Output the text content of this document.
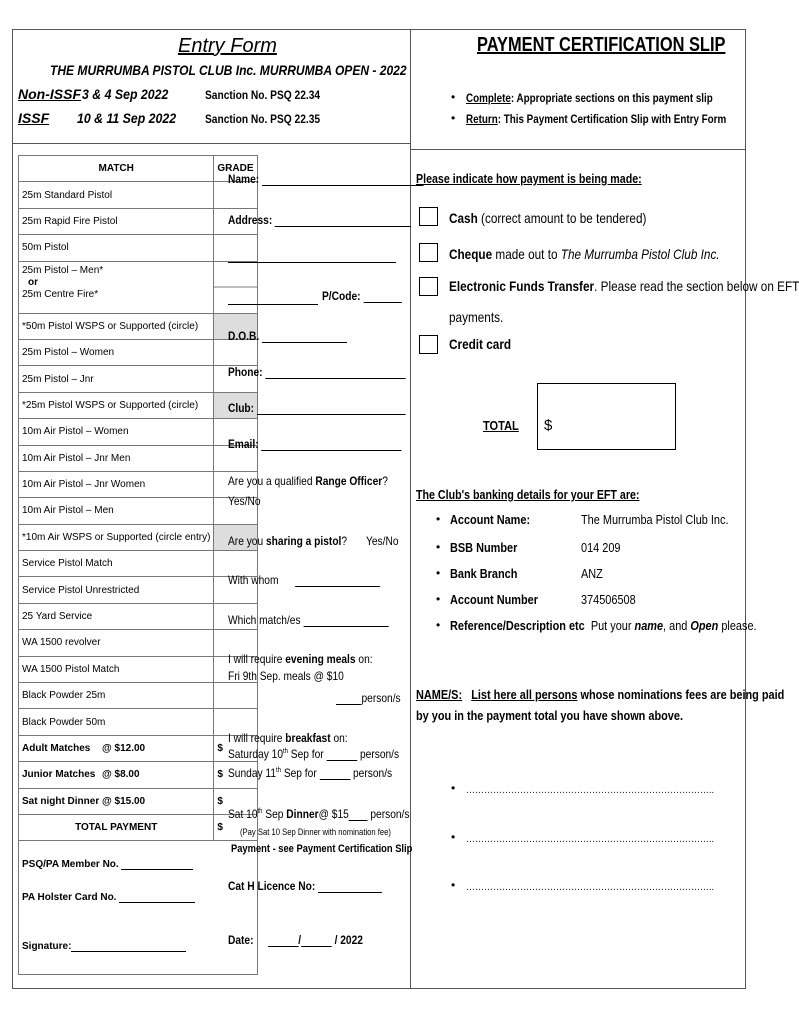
Entry Form
THE MURRUMBA PISTOL CLUB Inc. MURRUMBA OPEN - 2022
Non-ISSF 3 & 4 Sep 2022	Sanction No. PSQ 22.34
ISSF 10 & 11 Sep 2022 Sanction No. PSQ 22.35
MATCH	GRADE
25m Standard Pistol	
25m Rapid Fire Pistol	
50m Pistol	

25m Pistol – Men*
or
25m Centre Fire*	

*50m Pistol WSPS or Supported (circle)	
25m Pistol – Women	
25m Pistol – Jnr	
*25m Pistol WSPS or Supported (circle)	
10m Air Pistol – Women	
10m Air Pistol – Jnr Men	
10m Air Pistol – Jnr Women	
10m Air Pistol – Men	
*10m Air WSPS or Supported (circle entry)	
Service Pistol Match	
Service Pistol Unrestricted	
25 Yard Service	
WA 1500 revolver	
WA 1500 Pistol Match	
Black Powder 25m	
Black Powder 50m	
Adult Matches @ $12.00	$
Junior Matches @ $8.00	$
Sat night Dinner @ $15.00	$
TOTAL PAYMENT	$

PSQ/PA Member No.
PA Holster Card No.
Signature:	
Name:
Address:
P/Code:
D.O.B.
Phone:
Club:
Email:
Are you a qualified Range Officer?
Yes/No
Are you sharing a pistol? Yes/No
With whom
Which match/es
I will require evening meals on:
Fri 9th Sep. meals @ $10
person/s
I will require breakfast on:
Saturday 10th Sep for	person/s
Sunday 11th Sep for	person/s
Sat 10th Sep Dinner@ $15 person/s
(Pay Sat 10 Sep Dinner with nomination fee)
Payment - see Payment Certification Slip
Cat H Licence No:
Date:	/	/ 2022
PAYMENT CERTIFICATION SLIP
• Complete: Appropriate sections on this payment slip
• Return: This Payment Certification Slip with Entry Form
Please indicate how payment is being made:
Cash (correct amount to be tendered)
Cheque made out to The Murrumba Pistol Club Inc.
Electronic Funds Transfer. Please read the section below on EFT
payments.
Credit card
TOTAL $
The Club's banking details for your EFT are:
• Account Name:	The Murrumba Pistol Club Inc.
• BSB Number	014 209
• Bank Branch	ANZ
• Account Number	374506508
• Reference/Description etc Put your name, and Open please.
NAME/S: List here all persons whose nominations fees are being paid
by you in the payment total you have shown above.
• ………………………………………………………………………..
• ………………………………………………………………………..
• ………………………………………………………………………..
